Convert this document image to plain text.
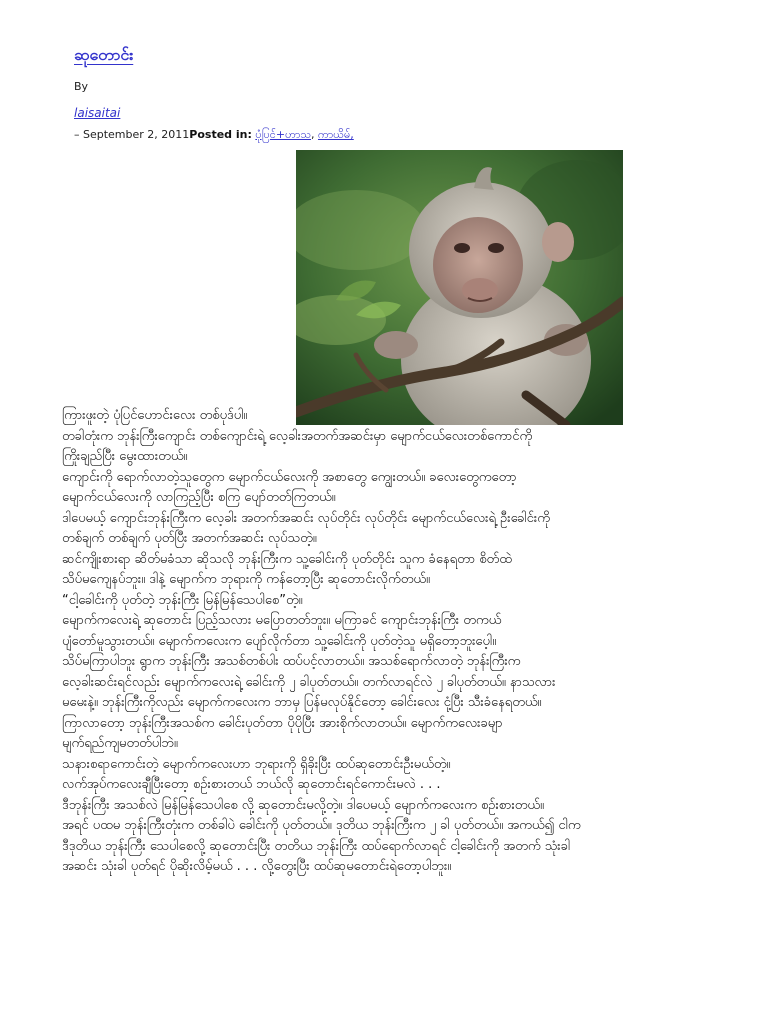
ဆုတောင်း
By
laisaitai
– September 2, 2011Posted in: ပုံပြင်+ဟာသ, ကာယိမ်,

ကြားဖူးတဲ့ ပုံပြင်ဟောင်းလေး တစ်ပုဒ်ပါ။

တခါတုံးက ဘုန်းကြီးကျောင်း တစ်ကျောင်းရဲ့ လေ့ခါးအတက်အဆင်းမှာ မျောက်ငယ်လေးတစ်ကောင်ကို

ကြိုးချည်ပြီး မွေးထားတယ်။

ကျောင်းကို ရောက်လာတဲ့သူတွေက မျောက်ငယ်လေးကို အစာတွေ ကျွေးတယ်။ ခလေးတွေကတော့

မျောက်ငယ်လေးကို လာကြည့်ပြီး စကြ ပျော်တတ်ကြတယ်။

ဒါပေမယ့် ကျောင်းဘုန်းကြီးက လေ့ခါး အတက်အဆင်း လုပ်တိုင်း လုပ်တိုင်း မျောက်ငယ်လေးရဲ့ ဦးခေါင်းကို

တစ်ချက် တစ်ချက် ပုတ်ပြီး အတက်အဆင်း လုပ်သတဲ့။

ဆင်ကျိုးစားရာ ဆိတ်မခံသာ ဆိုသလို ဘုန်းကြီးက သူ့ခေါင်းကို ပုတ်တိုင်း သူက ခံနေရတာ စိတ်ထဲ

သိပ်မကျေနပ်ဘူး။ ဒါနဲ့ မျောက်က ဘုရားကို ကန်တော့ပြီး ဆုတောင်းလိုက်တယ်။

“ငါ့ခေါင်းကို ပုတ်တဲ့ ဘုန်းကြီး မြန်မြန်သေပါစေ”တဲ့။

မျောက်ကလေးရဲ့ ဆုတောင်း ပြည့်သလား မပြောတတ်ဘူး။ မကြာခင် ကျောင်းဘုန်းကြီး တကယ်

ပျံတော်မူသွားတယ်။ မျောက်ကလေးက ပျော်လိုက်တာ သူ့ခေါင်းကို ပုတ်တဲ့သူ မရှိတော့ဘူးပေ့ါ။

သိပ်မကြာပါဘူး ရွာက ဘုန်းကြီး အသစ်တစ်ပါး ထပ်ပင့်လာတယ်။ အသစ်ရောက်လာတဲ့ ဘုန်းကြီးက

လေ့ခါးဆင်းရင်လည်း မျောက်ကလေးရဲ့ ခေါင်းကို ၂ ခါပုတ်တယ်။ တက်လာရင်လဲ ၂ ခါပုတ်တယ်။ နာသလား

မမေးနဲ့။ ဘုန်းကြီးကိုလည်း မျောက်ကလေးက ဘာမှ ပြန်မလုပ်နိုင်တော့ ခေါင်းလေး ငုံ့ပြီး သီးခံနေရတယ်။

ကြာလာတော့ ဘုန်းကြီးအသစ်က ခေါင်းပုတ်တာ ပိုပိုပြီး အားစိုက်လာတယ်။ မျောက်ကလေးခမျာ

မျက်ရည်ကျမတတ်ပါဘဲ။

သနားစရာကောင်းတဲ့ မျောက်ကလေးဟာ ဘုရားကို ရှိခိုးပြီး ထပ်ဆုတောင်းဦးမယ်တဲ့။

လက်အုပ်ကလေးချီပြီးတော့ စဉ်းစားတယ် ဘယ်လို ဆုတောင်းရင်ကောင်းမလဲ . . .

ဒီဘုန်းကြီး အသစ်လဲ မြန်မြန်သေပါစေ လို့ ဆုတောင်းမလို့တဲ့။ ဒါပေမယ့် မျောက်ကလေးက စဉ်းစားတယ်။

အရင် ပထမ ဘုန်းကြီးတုံးက တစ်ခါပဲ ခေါင်းကို ပုတ်တယ်။ ဒုတိယ ဘုန်းကြီးက ၂ ခါ ပုတ်တယ်။ အကယ်၍ ငါက

ဒီဒုတိယ ဘုန်းကြီး သေပါစေလို့ ဆုတောင်းပြီး တတိယ ဘုန်းကြီး ထပ်ရောက်လာရင် ငါ့ခေါင်းကို အတက် သုံးခါ

အဆင်း သုံးခါ ပုတ်ရင် ပိုဆိုးလိမ့်မယ် . . . လို့တွေးပြီး ထပ်ဆုမတောင်းရဲတော့ပါဘူး။
